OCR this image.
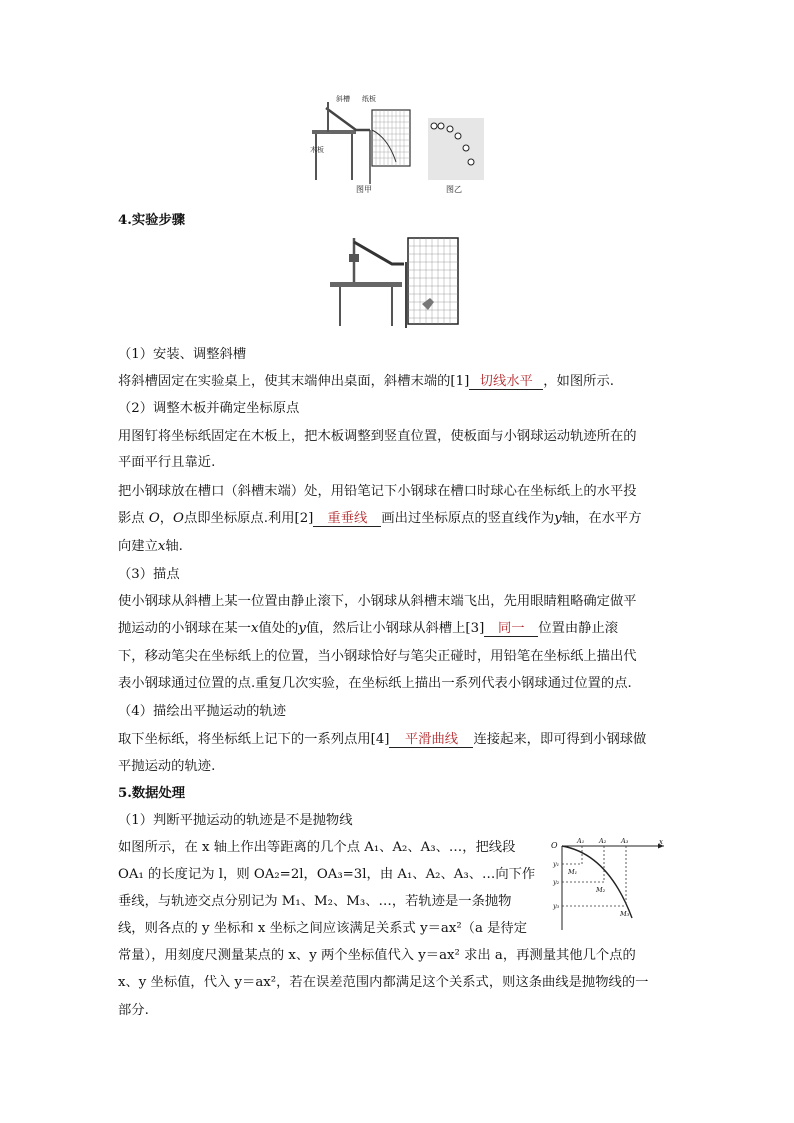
斜槽 纸板
木板
图甲	图乙
4.实验步骤
（1）安装、调整斜槽
将斜槽固定在实验桌上，使其末端伸出桌面，斜槽末端的[1] 切线水平 ，如图所示.
（2）调整木板并确定坐标原点
用图钉将坐标纸固定在木板上，把木板调整到竖直位置，使板面与小钢球运动轨迹所在的
平面平行且靠近.
把小钢球放在槽口（斜槽末端）处，用铅笔记下小钢球在槽口时球心在坐标纸上的水平投
影点 O，O点即坐标原点.利用[2] 重垂线 画出过坐标原点的竖直线作为y轴，在水平方
向建立x轴.
（3）描点
使小钢球从斜槽上某一位置由静止滚下，小钢球从斜槽末端飞出，先用眼睛粗略确定做平
抛运动的小钢球在某一x值处的y值，然后让小钢球从斜槽上[3] 同一 位置由静止滚
下，移动笔尖在坐标纸上的位置，当小钢球恰好与笔尖正碰时，用铅笔在坐标纸上描出代
表小钢球通过位置的点.重复几次实验，在坐标纸上描出一系列代表小钢球通过位置的点.
（4）描绘出平抛运动的轨迹
取下坐标纸，将坐标纸上记下的一系列点用[4] 平滑曲线 连接起来，即可得到小钢球做
平抛运动的轨迹.
5.数据处理
（1）判断平抛运动的轨迹是不是抛物线
如图所示，在 x 轴上作出等距离的几个点 A₁、A₂、A₃、…，把线段
OA₁ 的长度记为 l，则 OA₂=2l，OA₃=3l，由 A₁、A₂、A₃、…向下作
垂线，与轨迹交点分别记为 M₁、M₂、M₃、…，若轨迹是一条抛物
线，则各点的 y 坐标和 x 坐标之间应该满足关系式 y＝ax²（a 是待定
常量），用刻度尺测量某点的 x、y 两个坐标值代入 y＝ax² 求出 a，再测量其他几个点的
x、y 坐标值，代入 y＝ax²，若在误差范围内都满足这个关系式，则这条曲线是抛物线的一
部分.
O	x
A₁ A₂ A₃
y₁
y₂
y₃
M₁
M₂
M₃
